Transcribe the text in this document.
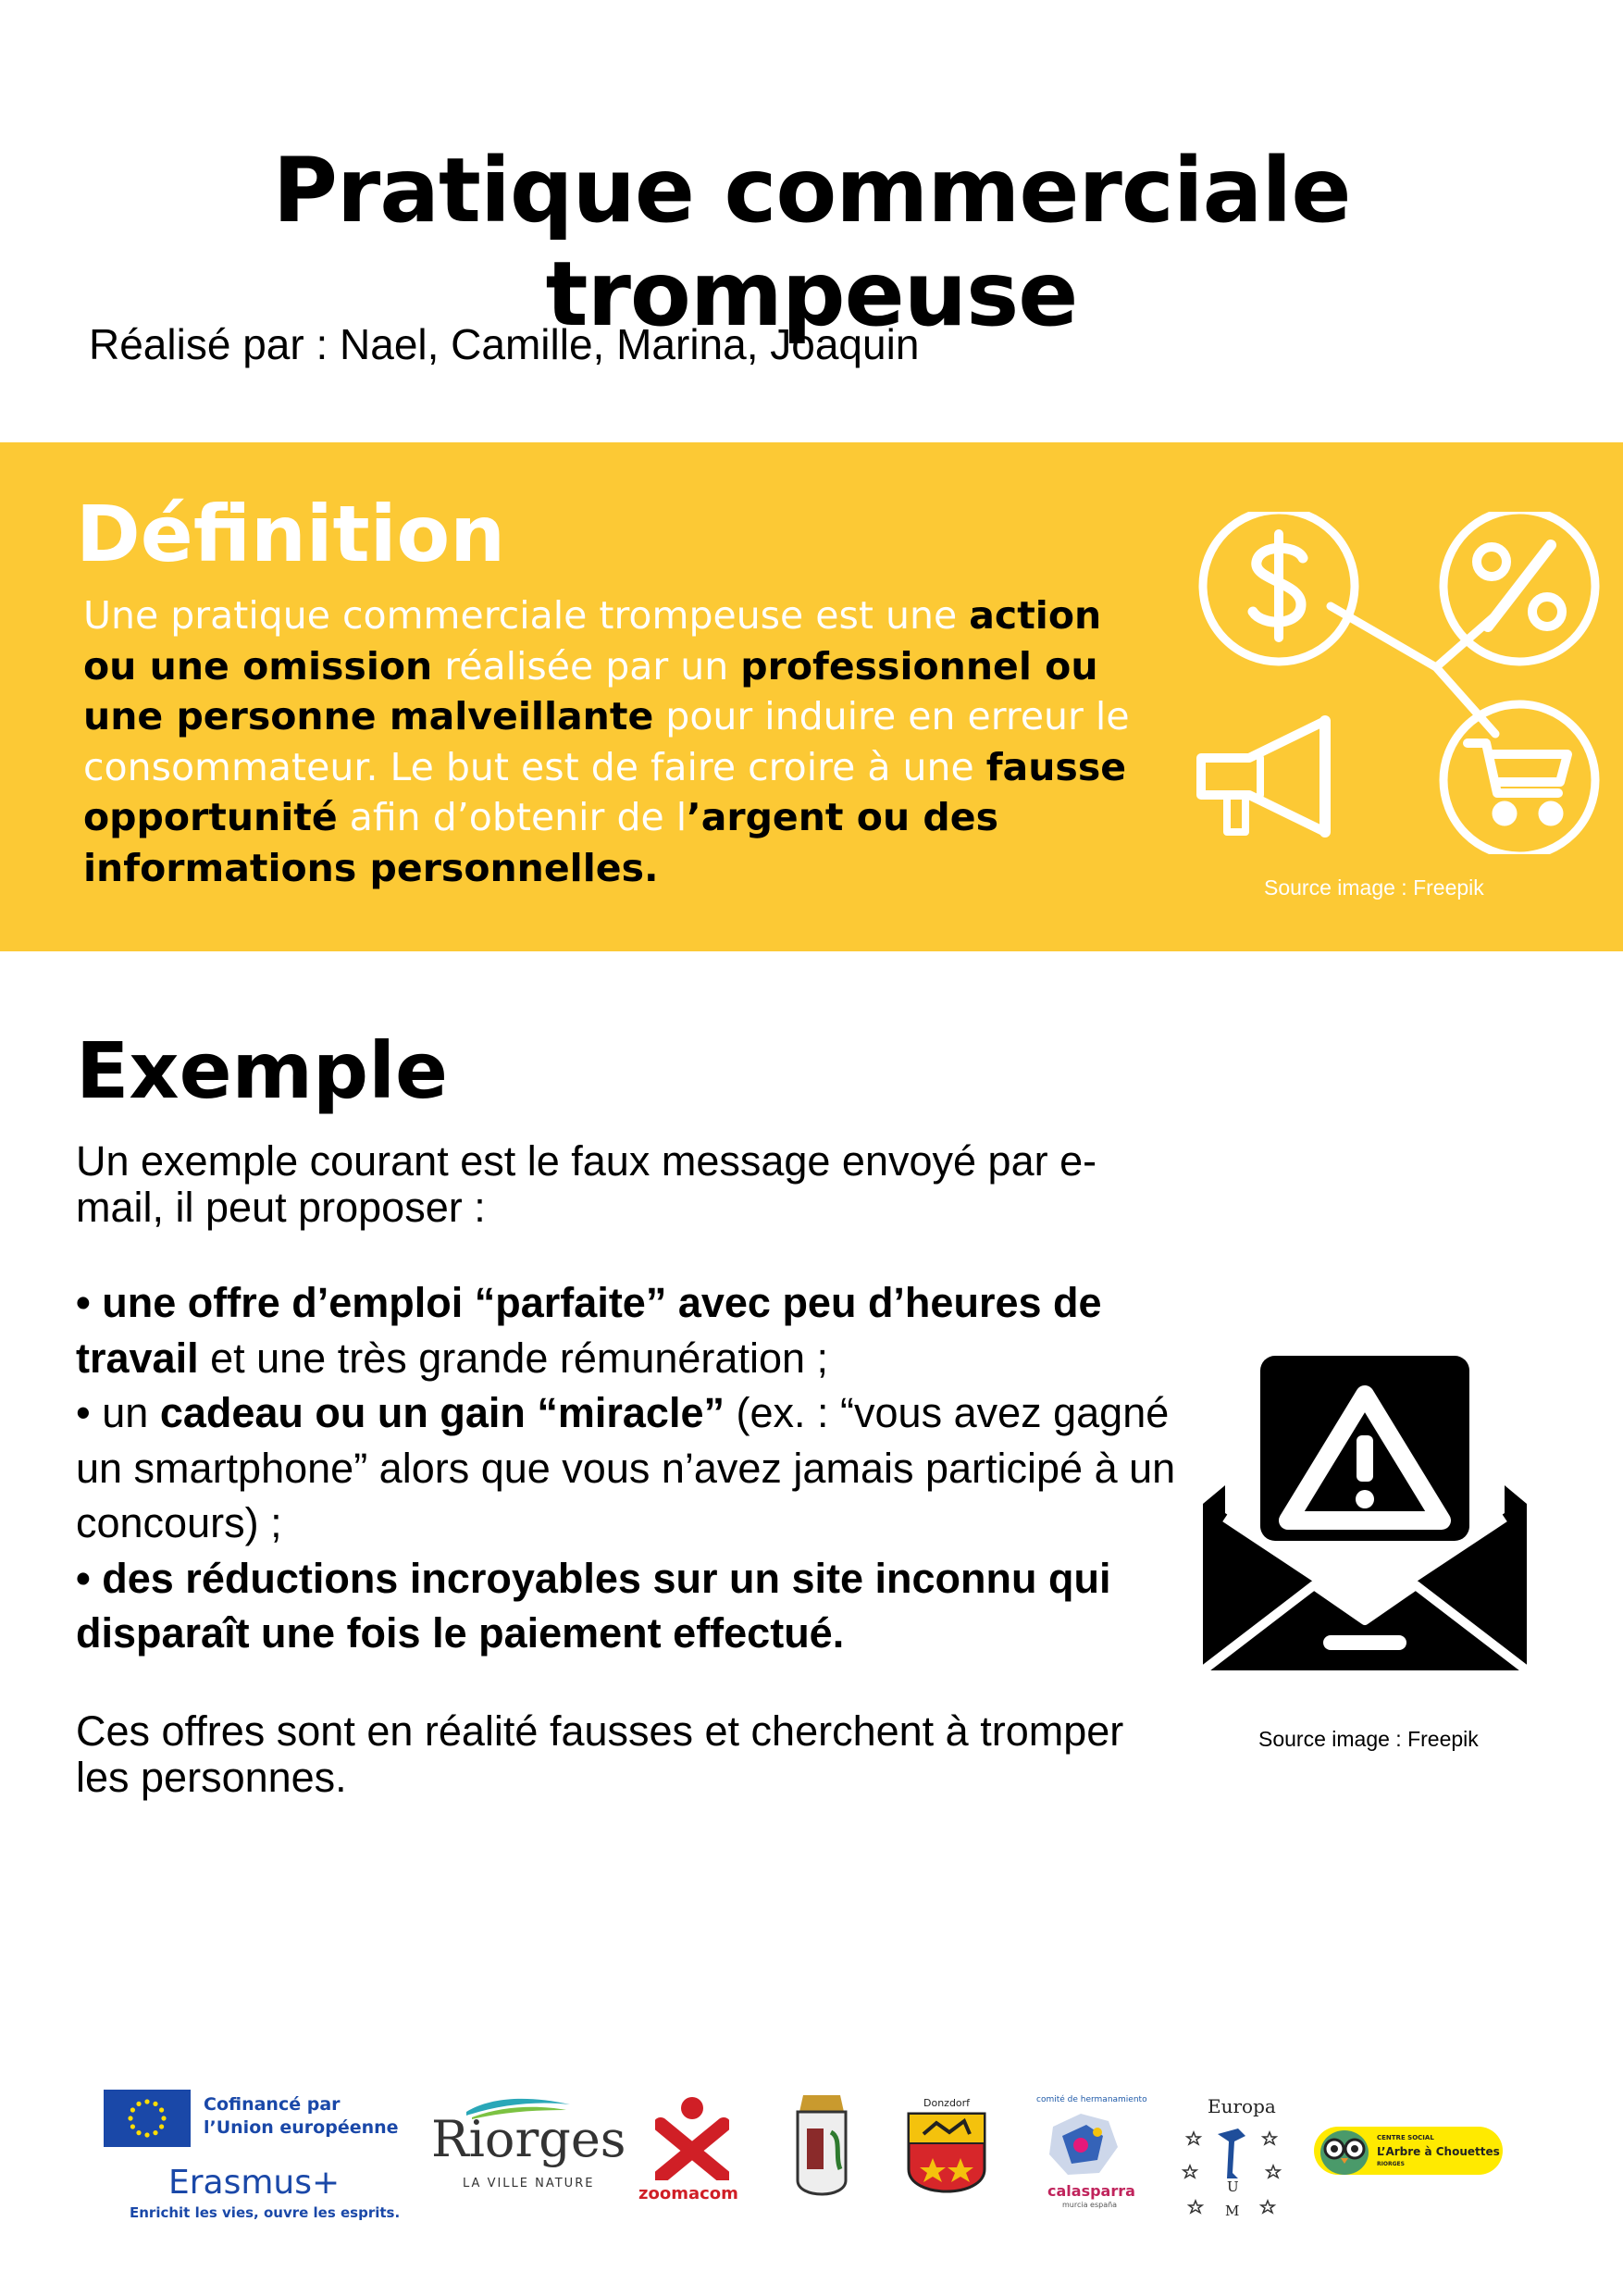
Pratique commerciale trompeuse
Réalisé par : Nael, Camille, Marina, Joaquin
Définition
Une pratique commerciale trompeuse est une action ou une omission réalisée par un professionnel ou une personne malveillante pour induire en erreur le consommateur. Le but est de faire croire à une fausse opportunité afin d’obtenir de l’argent ou des informations personnelles.	Source image : Freepik
Exemple
Un exemple courant est le faux message envoyé par e-mail, il peut proposer :
• une offre d’emploi “parfaite” avec peu d’heures de travail et une très grande rémunération ;
• un cadeau ou un gain “miracle” (ex. : “vous avez gagné un smartphone” alors que vous n’avez jamais participé à un concours) ;
• des réductions incroyables sur un site inconnu qui disparaît une fois le paiement effectué.
Ces offres sont en réalité fausses et cherchent à tromper les personnes.
Source image : Freepik
Cofinancé par
l’Union européenne
Erasmus+
Enrichit les vies, ouvre les esprits.
Riorges
LA VILLE NATURE
zoomacom
Donzdorf	comité de hermanamiento
calasparra
murcia españa
Europa
U
M
CENTRE SOCIAL
L’Arbre à Chouettes
RIORGES
